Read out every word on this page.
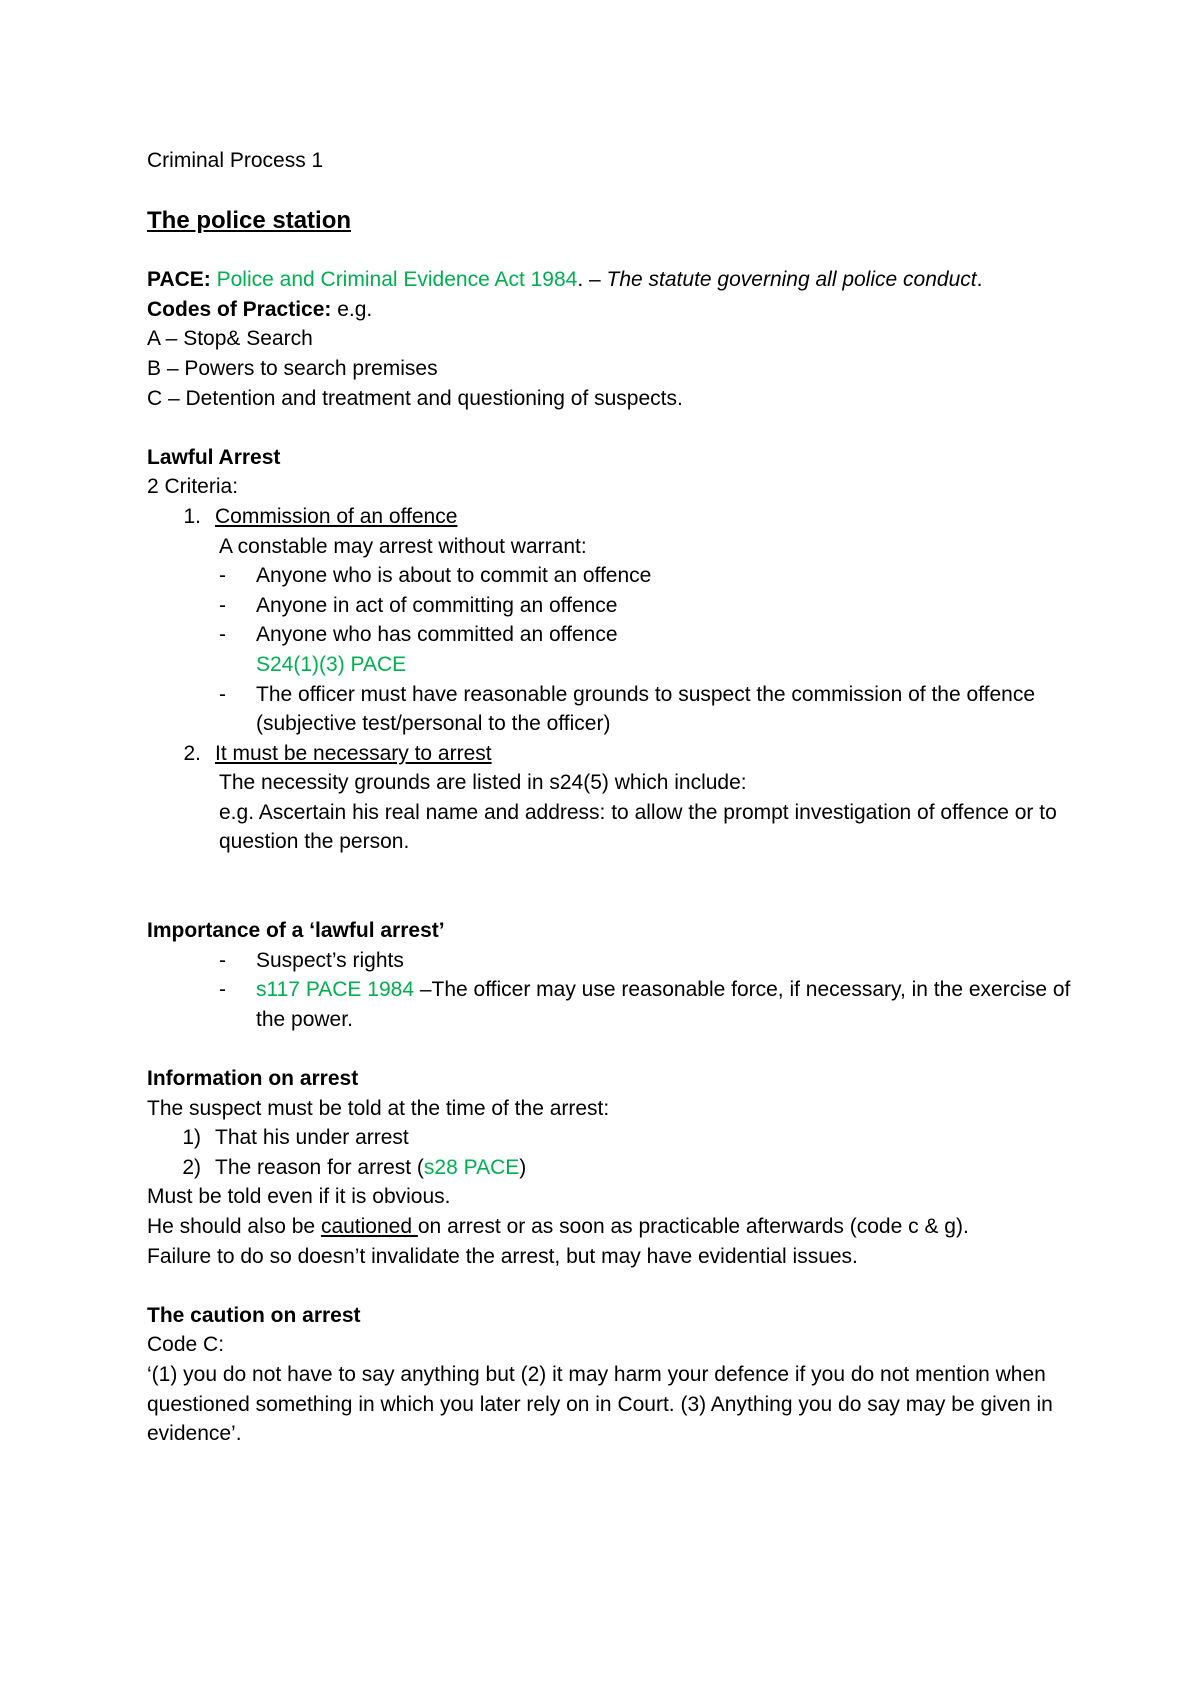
Criminal Process 1
The police station
PACE: Police and Criminal Evidence Act 1984. – The statute governing all police conduct.
Codes of Practice: e.g.
A – Stop& Search
B – Powers to search premises
C – Detention and treatment and questioning of suspects.
Lawful Arrest
2 Criteria:
1. Commission of an offence
A constable may arrest without warrant:
-	Anyone who is about to commit an offence
-	Anyone in act of committing an offence
-	Anyone who has committed an offence
S24(1)(3) PACE
-	The officer must have reasonable grounds to suspect the commission of the offence (subjective test/personal to the officer)
2. It must be necessary to arrest
The necessity grounds are listed in s24(5) which include:
e.g. Ascertain his real name and address: to allow the prompt investigation of offence or to question the person.
Importance of a ‘lawful arrest’
-	Suspect’s rights
-	s117 PACE 1984 –The officer may use reasonable force, if necessary, in the exercise of the power.
Information on arrest
The suspect must be told at the time of the arrest:
1) That his under arrest
2) The reason for arrest (s28 PACE)
Must be told even if it is obvious.
He should also be cautioned on arrest or as soon as practicable afterwards (code c & g).
Failure to do so doesn’t invalidate the arrest, but may have evidential issues.
The caution on arrest
Code C:
‘(1) you do not have to say anything but (2) it may harm your defence if you do not mention when questioned something in which you later rely on in Court. (3) Anything you do say may be given in evidence’.
